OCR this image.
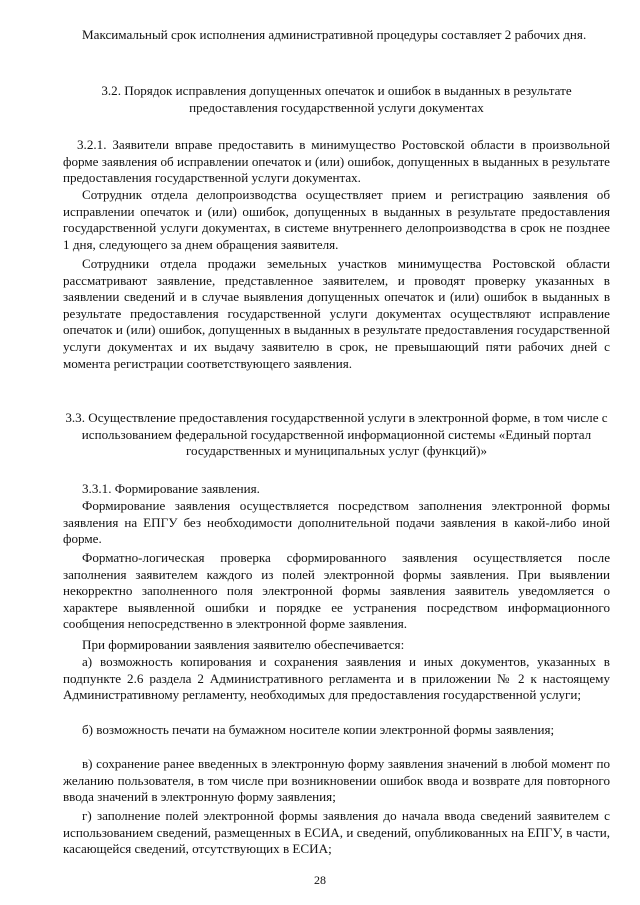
Максимальный срок исполнения административной процедуры составляет 2 рабочих дня.

3.2. Порядок исправления допущенных опечаток и ошибок в выданных в результате предоставления государственной услуги документах

3.2.1. Заявители вправе предоставить в минимущество Ростовской области в произвольной форме заявления об исправлении опечаток и (или) ошибок, допущенных в выданных в результате предоставления государственной услуги документах.

Сотрудник отдела делопроизводства осуществляет прием и регистрацию заявления об исправлении опечаток и (или) ошибок, допущенных в выданных в результате предоставления государственной услуги документах, в системе внутреннего делопроизводства в срок не позднее 1 дня, следующего за днем обращения заявителя.

Сотрудники отдела продажи земельных участков минимущества Ростовской области рассматривают заявление, представленное заявителем, и проводят проверку указанных в заявлении сведений и в случае выявления допущенных опечаток и (или) ошибок в выданных в результате предоставления государственной услуги документах осуществляют исправление опечаток и (или) ошибок, допущенных в выданных в результате предоставления государственной услуги документах и их выдачу заявителю в срок, не превышающий пяти рабочих дней с момента регистрации соответствующего заявления.

3.3. Осуществление предоставления государственной услуги в электронной форме, в том числе с использованием федеральной государственной информационной системы «Единый портал государственных и муниципальных услуг (функций)»

3.3.1. Формирование заявления.

Формирование заявления осуществляется посредством заполнения электронной формы заявления на ЕПГУ без необходимости дополнительной подачи заявления в какой-либо иной форме.

Форматно-логическая проверка сформированного заявления осуществляется после заполнения заявителем каждого из полей электронной формы заявления. При выявлении некорректно заполненного поля электронной формы заявления заявитель уведомляется о характере выявленной ошибки и порядке ее устранения посредством информационного сообщения непосредственно в электронной форме заявления.

При формировании заявления заявителю обеспечивается:

а) возможность копирования и сохранения заявления и иных документов, указанных в подпункте 2.6 раздела 2 Административного регламента и в приложении № 2 к настоящему Административному регламенту, необходимых для предоставления государственной услуги;

б) возможность печати на бумажном носителе копии электронной формы заявления;

в) сохранение ранее введенных в электронную форму заявления значений в любой момент по желанию пользователя, в том числе при возникновении ошибок ввода и возврате для повторного ввода значений в электронную форму заявления;

г) заполнение полей электронной формы заявления до начала ввода сведений заявителем с использованием сведений, размещенных в ЕСИА, и сведений, опубликованных на ЕПГУ, в части, касающейся сведений, отсутствующих в ЕСИА;

28
